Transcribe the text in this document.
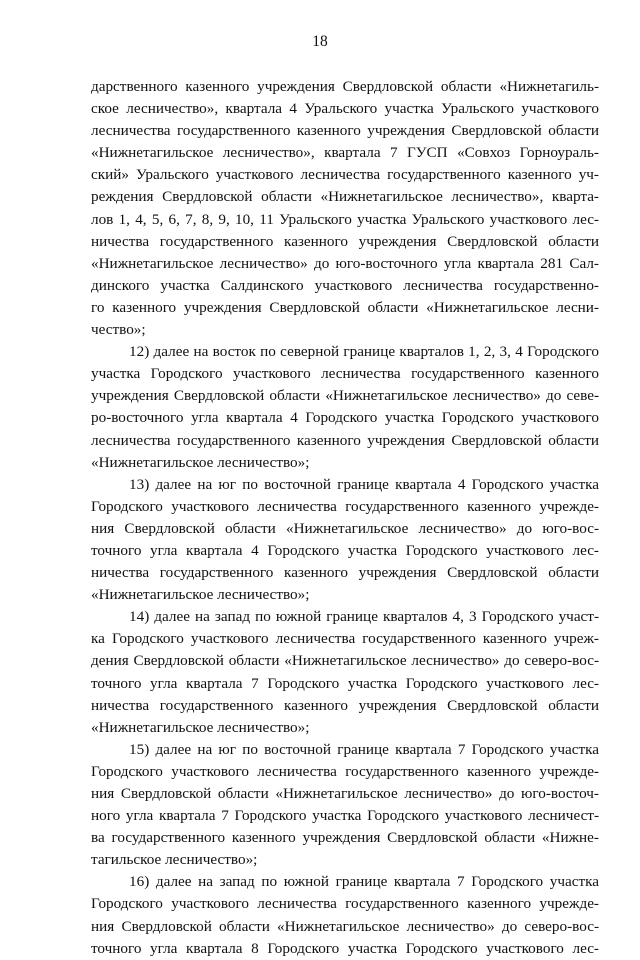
18
дарственного казенного учреждения Свердловской области «Нижнетагиль-
ское лесничество», квартала 4 Уральского участка Уральского участкового
лесничества государственного казенного учреждения Свердловской области
«Нижнетагильское лесничество», квартала 7 ГУСП «Совхоз Горноураль-
ский» Уральского участкового лесничества государственного казенного уч-
реждения Свердловской области «Нижнетагильское лесничество», кварта-
лов 1, 4, 5, 6, 7, 8, 9, 10, 11 Уральского участка Уральского участкового лес-
ничества государственного казенного учреждения Свердловской области
«Нижнетагильское лесничество» до юго-восточного угла квартала 281 Сал-
динского участка Салдинского участкового лесничества государственно-
го казенного учреждения Свердловской области «Нижнетагильское лесни-
чество»;
12) далее на восток по северной границе кварталов 1, 2, 3, 4 Городского
участка Городского участкового лесничества государственного казенного
учреждения Свердловской области «Нижнетагильское лесничество» до севе-
ро-восточного угла квартала 4 Городского участка Городского участкового
лесничества государственного казенного учреждения Свердловской области
«Нижнетагильское лесничество»;
13) далее на юг по восточной границе квартала 4 Городского участка
Городского участкового лесничества государственного казенного учрежде-
ния Свердловской области «Нижнетагильское лесничество» до юго-вос-
точного угла квартала 4 Городского участка Городского участкового лес-
ничества государственного казенного учреждения Свердловской области
«Нижнетагильское лесничество»;
14) далее на запад по южной границе кварталов 4, 3 Городского участ-
ка Городского участкового лесничества государственного казенного учреж-
дения Свердловской области «Нижнетагильское лесничество» до северо-вос-
точного угла квартала 7 Городского участка Городского участкового лес-
ничества государственного казенного учреждения Свердловской области
«Нижнетагильское лесничество»;
15) далее на юг по восточной границе квартала 7 Городского участка
Городского участкового лесничества государственного казенного учрежде-
ния Свердловской области «Нижнетагильское лесничество» до юго-восточ-
ного угла квартала 7 Городского участка Городского участкового лесничест-
ва государственного казенного учреждения Свердловской области «Нижне-
тагильское лесничество»;
16) далее на запад по южной границе квартала 7 Городского участка
Городского участкового лесничества государственного казенного учрежде-
ния Свердловской области «Нижнетагильское лесничество» до северо-вос-
точного угла квартала 8 Городского участка Городского участкового лес-
